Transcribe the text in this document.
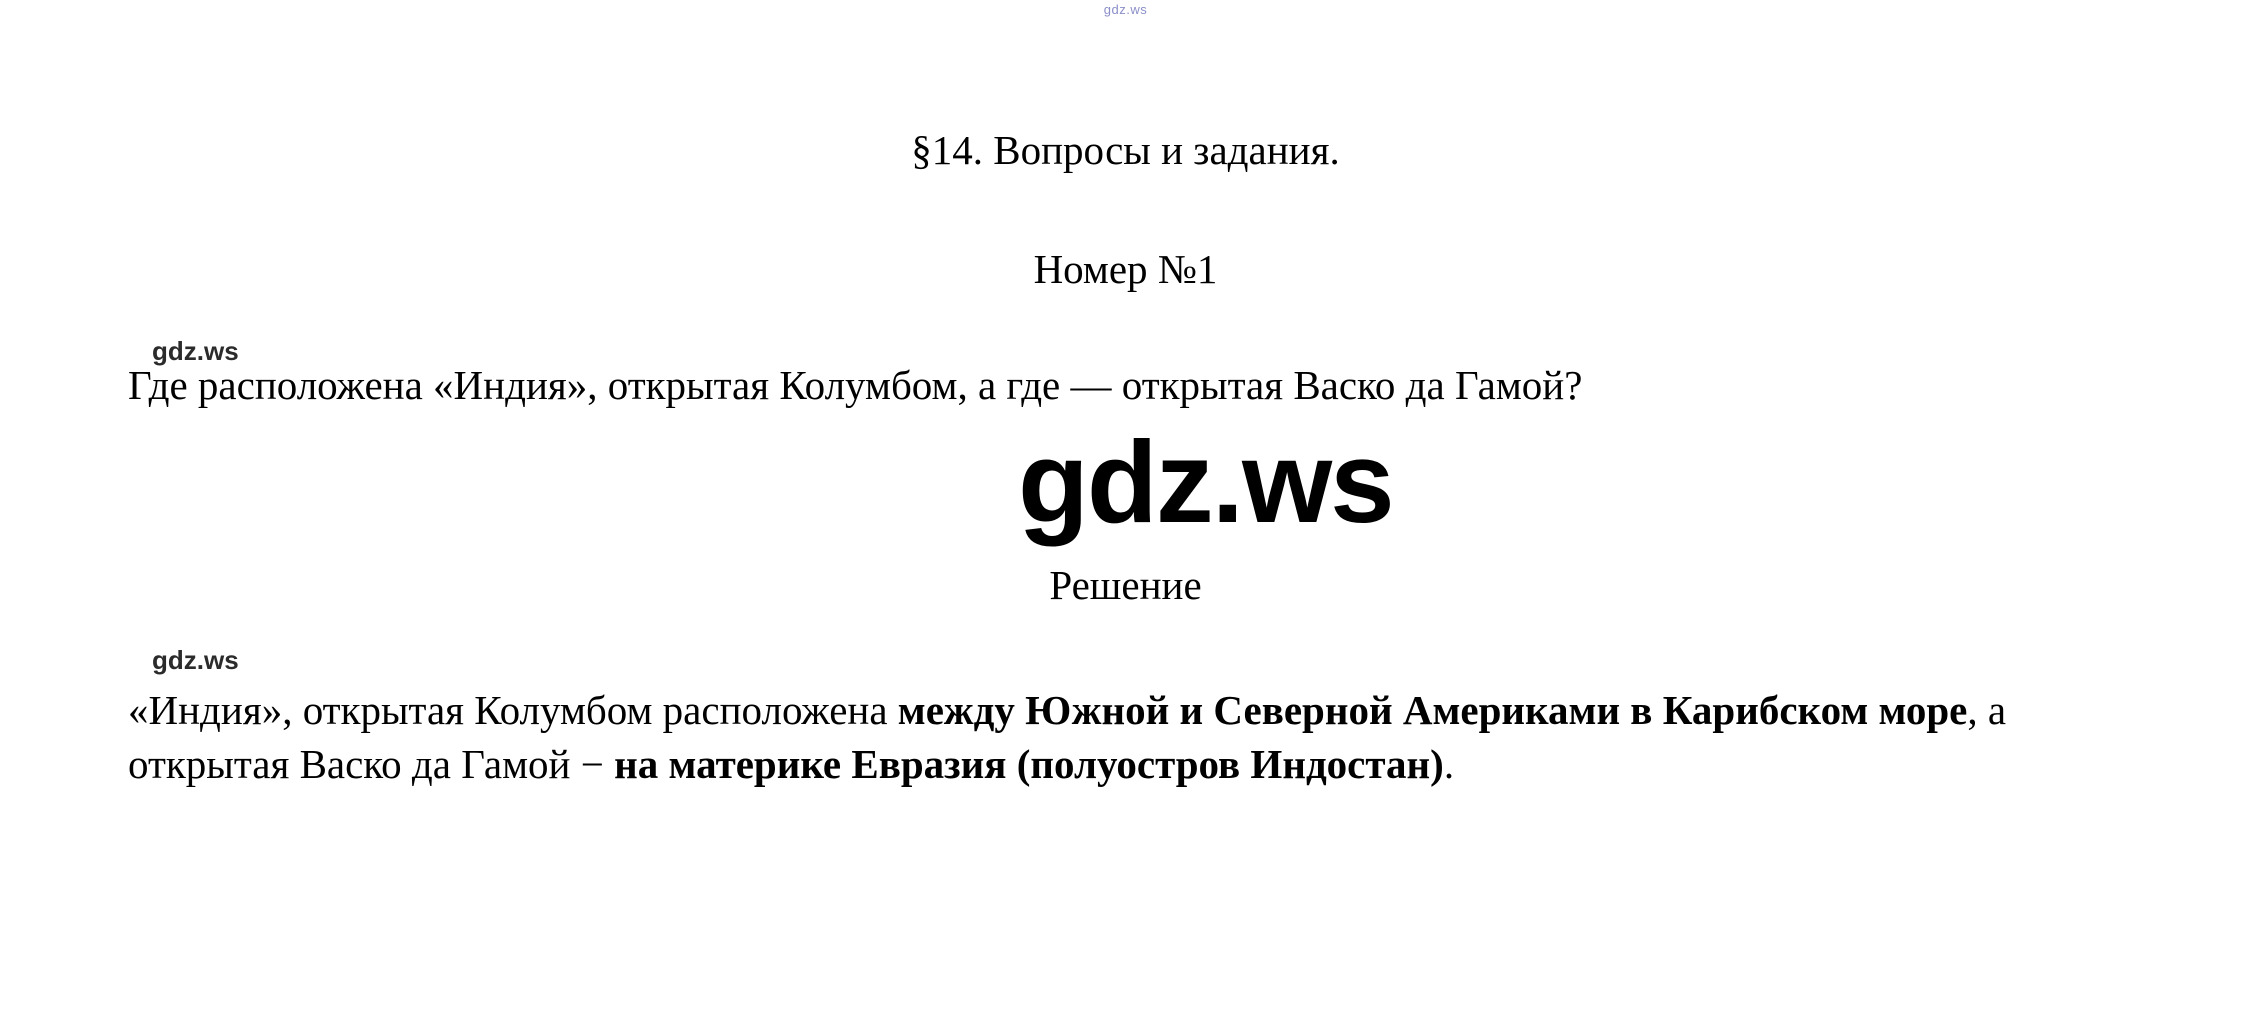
gdz.ws
§14. Вопросы и задания.
Номер №1
gdz.ws
Где расположена «Индия», открытая Колумбом, а где — открытая Васко да Гамой?
gdz.ws
Решение
gdz.ws
«Индия», открытая Колумбом расположена между Южной и Северной Америками в Карибском море, а открытая Васко да Гамой − на материке Евразия (полуостров Индостан).
